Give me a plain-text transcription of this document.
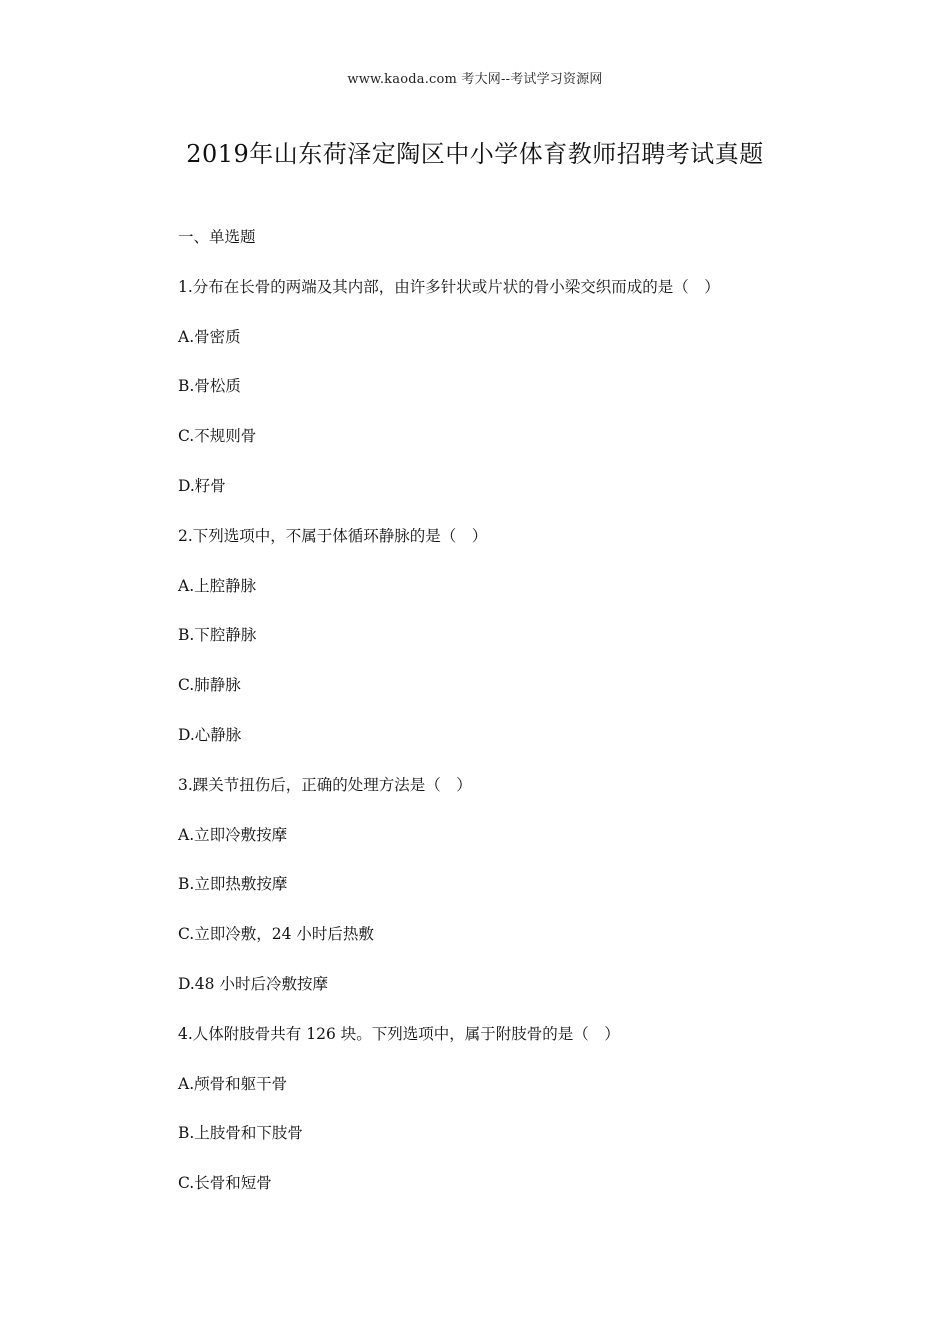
www.kaoda.com 考大网--考试学习资源网
2019年山东荷泽定陶区中小学体育教师招聘考试真题
一、单选题
1.分布在长骨的两端及其内部，由许多针状或片状的骨小梁交织而成的是（　）
A.骨密质
B.骨松质
C.不规则骨
D.籽骨
2.下列选项中，不属于体循环静脉的是（　）
A.上腔静脉
B.下腔静脉
C.肺静脉
D.心静脉
3.踝关节扭伤后，正确的处理方法是（　）
A.立即冷敷按摩
B.立即热敷按摩
C.立即冷敷，24 小时后热敷
D.48 小时后冷敷按摩
4.人体附肢骨共有 126 块。下列选项中，属于附肢骨的是（　）
A.颅骨和躯干骨
B.上肢骨和下肢骨
C.长骨和短骨
